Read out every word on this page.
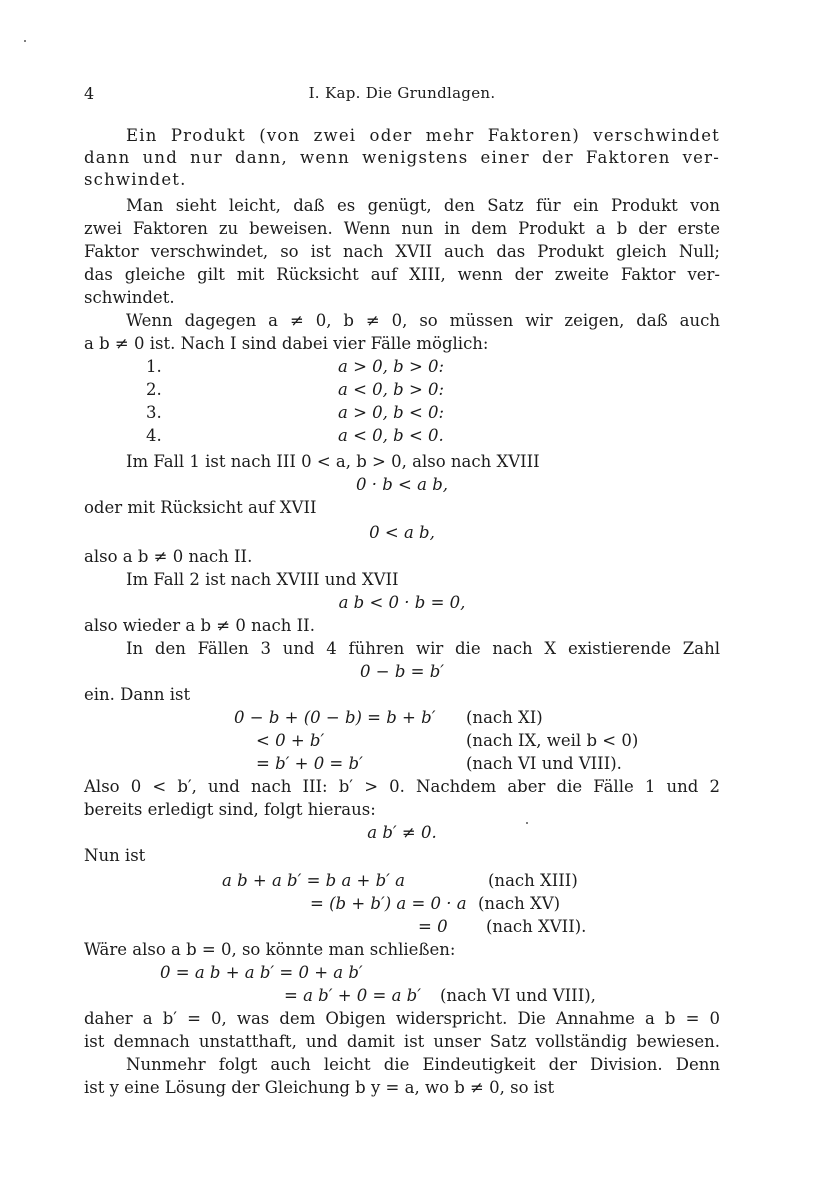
4	I. Kap. Die Grundlagen.
Ein Produkt (von zwei oder mehr Faktoren) verschwindet
dann und nur dann, wenn wenigstens einer der Faktoren ver-
schwindet.
Man sieht leicht, daß es genügt, den Satz für ein Produkt von
zwei Faktoren zu beweisen. Wenn nun in dem Produkt a b der erste
Faktor verschwindet, so ist nach XVII auch das Produkt gleich Null;
das gleiche gilt mit Rücksicht auf XIII, wenn der zweite Faktor ver-
schwindet.
Wenn dagegen a ≠ 0, b ≠ 0, so müssen wir zeigen, daß auch
a b ≠ 0 ist. Nach I sind dabei vier Fälle möglich:
1.	a > 0, b > 0:
2.	a < 0, b > 0:
3.	a > 0, b < 0:
4.	a < 0, b < 0.
Im Fall 1 ist nach III 0 < a, b > 0, also nach XVIII
0 · b < a b,
oder mit Rücksicht auf XVII
0 < a b,
also a b ≠ 0 nach II.
Im Fall 2 ist nach XVIII und XVII
a b < 0 · b = 0,
also wieder a b ≠ 0 nach II.
In den Fällen 3 und 4 führen wir die nach X existierende Zahl
0 − b = b′
ein. Dann ist
0 − b + (0 − b) = b + b′ (nach XI)
< 0 + b′	(nach IX, weil b < 0)
= b′ + 0 = b′	(nach VI und VIII).
Also 0 < b′, und nach III: b′ > 0. Nachdem aber die Fälle 1 und 2
bereits erledigt sind, folgt hieraus:
a b′ ≠ 0.
Nun ist
a b + a b′ = b a + b′ a	(nach XIII)
= (b + b′) a = 0 · a (nach XV)
= 0 (nach XVII).
Wäre also a b = 0, so könnte man schließen:
0 = a b + a b′ = 0 + a b′
= a b′ + 0 = a b′ (nach VI und VIII),
daher a b′ = 0, was dem Obigen widerspricht. Die Annahme a b = 0
ist demnach unstatthaft, und damit ist unser Satz vollständig bewiesen.
Nunmehr folgt auch leicht die Eindeutigkeit der Division. Denn
ist y eine Lösung der Gleichung b y = a, wo b ≠ 0, so ist
